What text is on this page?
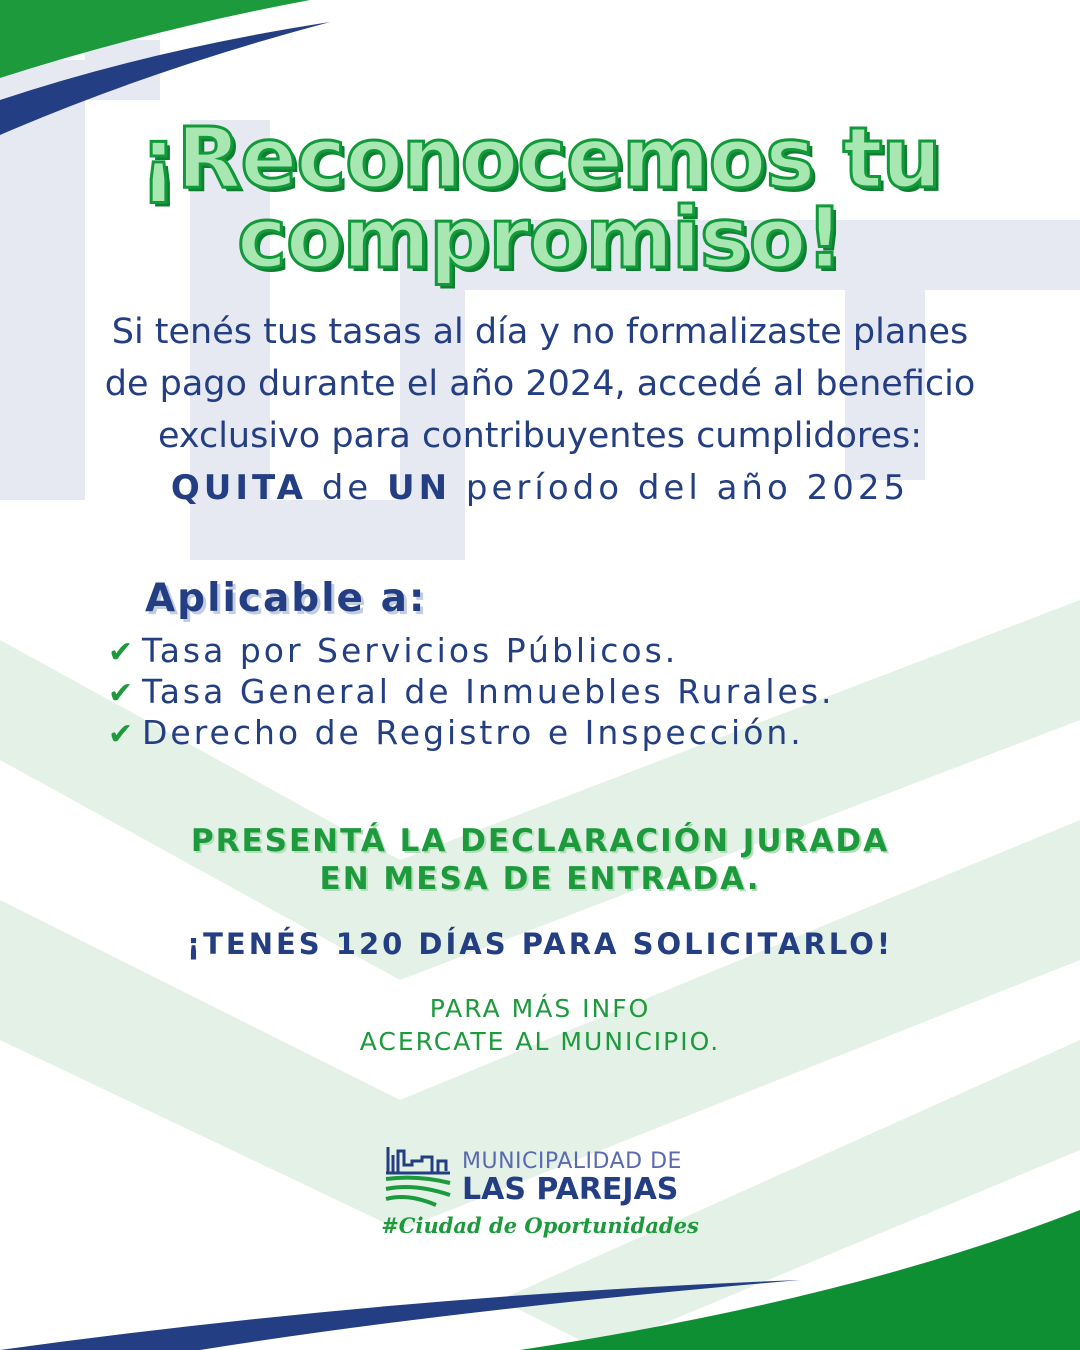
¡Reconocemos tu
compromiso!

Si tenés tus tasas al día y no formalizaste planes
de pago durante el año 2024, accedé al beneficio
exclusivo para contribuyentes cumplidores:

QUITA de UN período del año 2025
Aplicable a:
✔ Tasa por Servicios Públicos.
✔ Tasa General de Inmuebles Rurales.
✔ Derecho de Registro e Inspección.

PRESENTÁ LA DECLARACIÓN JURADA
EN MESA DE ENTRADA.

¡TENÉS 120 DÍAS PARA SOLICITARLO!

PARA MÁS INFO
ACERCATE AL MUNICIPIO.

MUNICIPALIDAD DE
LAS PAREJAS
#Ciudad de Oportunidades
